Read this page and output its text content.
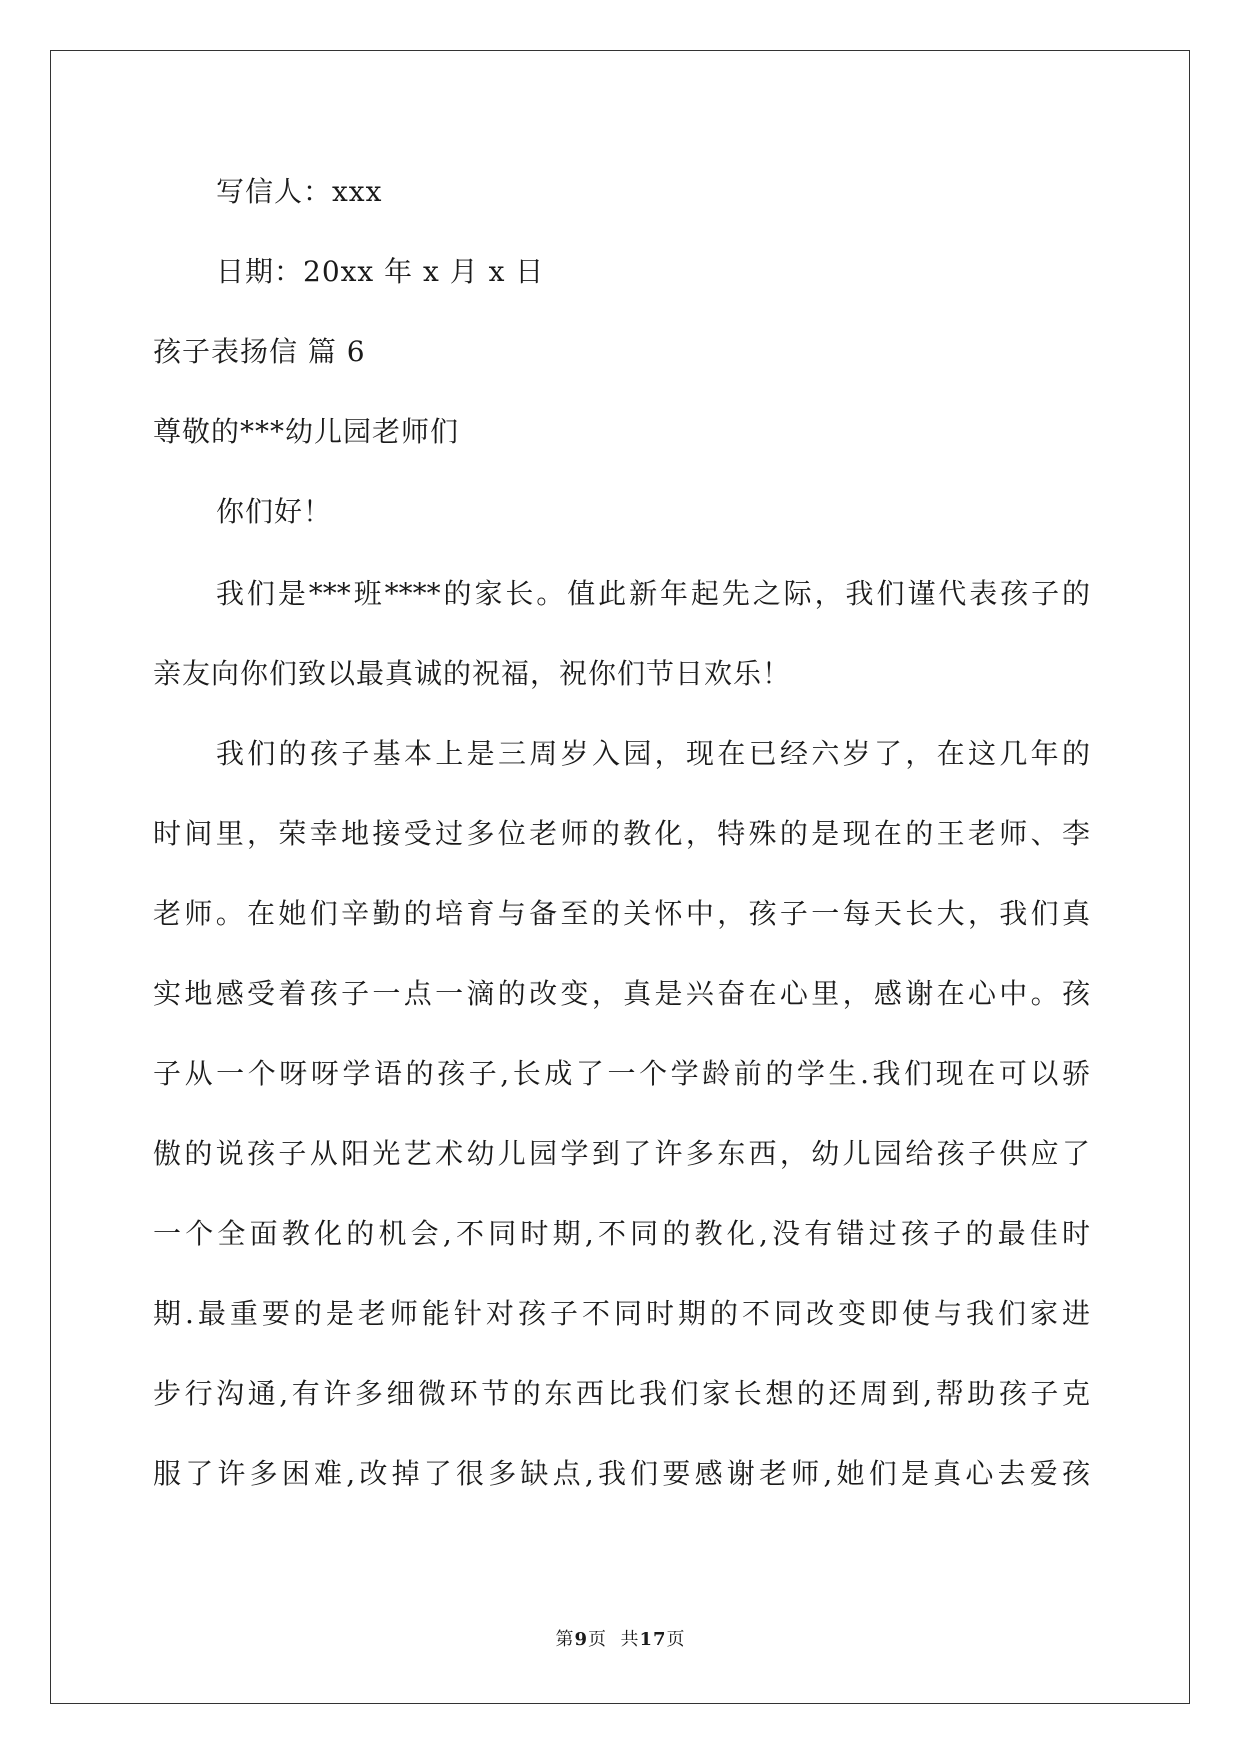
写信人：xxx
日期：20xx 年 x 月 x 日
孩子表扬信 篇 6
尊敬的***幼儿园老师们
你们好！
我们是***班****的家长。值此新年起先之际，我们谨代表孩子的
亲友向你们致以最真诚的祝福，祝你们节日欢乐！
我们的孩子基本上是三周岁入园，现在已经六岁了，在这几年的
时间里，荣幸地接受过多位老师的教化，特殊的是现在的王老师、李
老师。在她们辛勤的培育与备至的关怀中，孩子一每天长大，我们真
实地感受着孩子一点一滴的改变，真是兴奋在心里，感谢在心中。孩
子从一个呀呀学语的孩子,长成了一个学龄前的学生.我们现在可以骄
傲的说孩子从阳光艺术幼儿园学到了许多东西，幼儿园给孩子供应了
一个全面教化的机会,不同时期,不同的教化,没有错过孩子的最佳时
期.最重要的是老师能针对孩子不同时期的不同改变即使与我们家进
步行沟通,有许多细微环节的东西比我们家长想的还周到,帮助孩子克
服了许多困难,改掉了很多缺点,我们要感谢老师,她们是真心去爱孩
第9页  共17页
